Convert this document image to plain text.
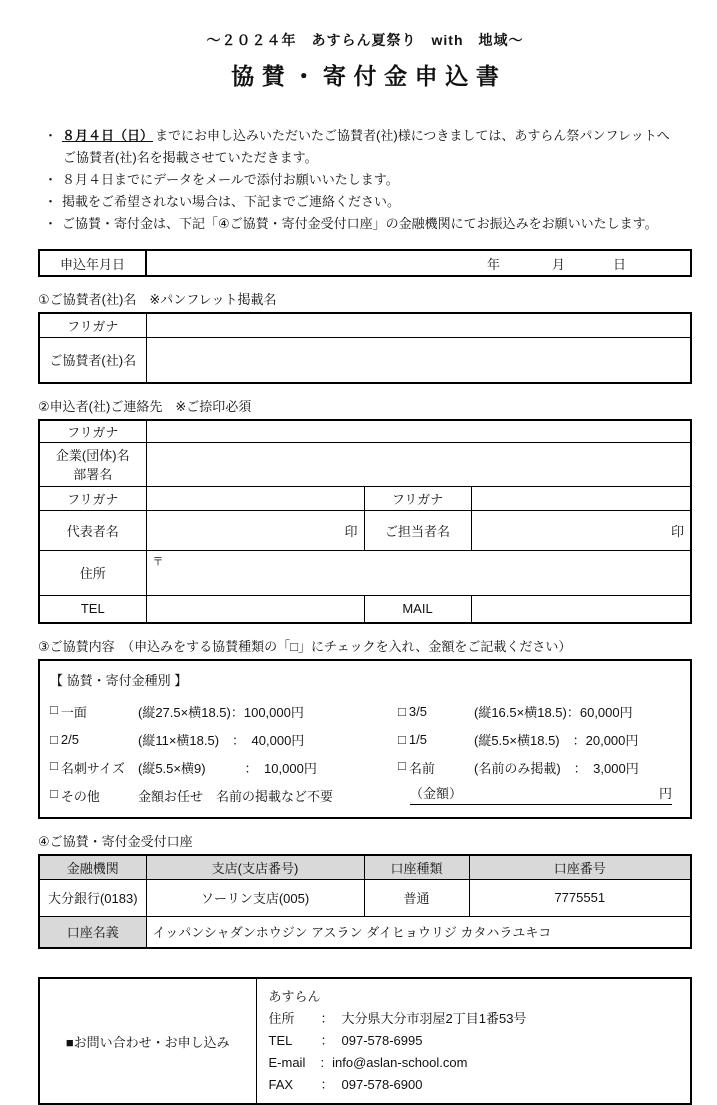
～２０２４年　あすらん夏祭り　with　地域～
協賛・寄付金申込書
・ ８月４日（日） までにお申し込みいただいたご協賛者(社)様につきましては、あすらん祭パンフレットへ
ご協賛者(社)名を掲載させていただきます。
・ ８月４日までにデータをメールで添付お願いいたします。
・ 掲載をご希望されない場合は、下記までご連絡ください。
・ ご協賛・寄付金は、下記「④ご協賛・寄付金受付口座」の金融機関にてお振込みをお願いいたします。
申込年月日	年	月	日
①ご協賛者(社)名　※パンフレット掲載名
フリガナ	
ご協賛者(社)名	
②申込者(社)ご連絡先　※ご捺印必須
フリガナ			

企業(団体)名
部署名			

フリガナ		フリガナ	
代表者名	印	ご担当者名	印
住所	〒		

TEL		MAIL	
③ご協賛内容　（申込みをする協賛種類の「□」にチェックを入れ、金額をご記載ください）
【 協賛・寄付金種別 】
□ 一面	(縦27.5×横18.5)：100,000円	□ 3/5	(縦16.5×横18.5)：60,000円
□ 2/5	(縦11×横18.5)　：　40,000円	□ 1/5	(縦5.5×横18.5)　：20,000円
□ 名刺サイズ (縦5.5×横9)　　　：　10,000円	□ 名前	(名前のみ掲載)　：　3,000円
□ その他	金額お任せ　名前の掲載など不要	（金額）	円
④ご協賛・寄付金受付口座
金融機関	支店(支店番号)	口座種類	口座番号
大分銀行(0183)	ソーリン支店(005)	普通	7775551
口座名義	イッパンシャダンホウジン アスラン ダイヒョウリジ カタハラユキコ		
■お問い合わせ・お申し込み	
あすらん
住所	： 大分県大分市羽屋2丁目1番53号
TEL	： 097-578-6995
E-mail	: info@aslan-school.com
FAX	： 097-578-6900
